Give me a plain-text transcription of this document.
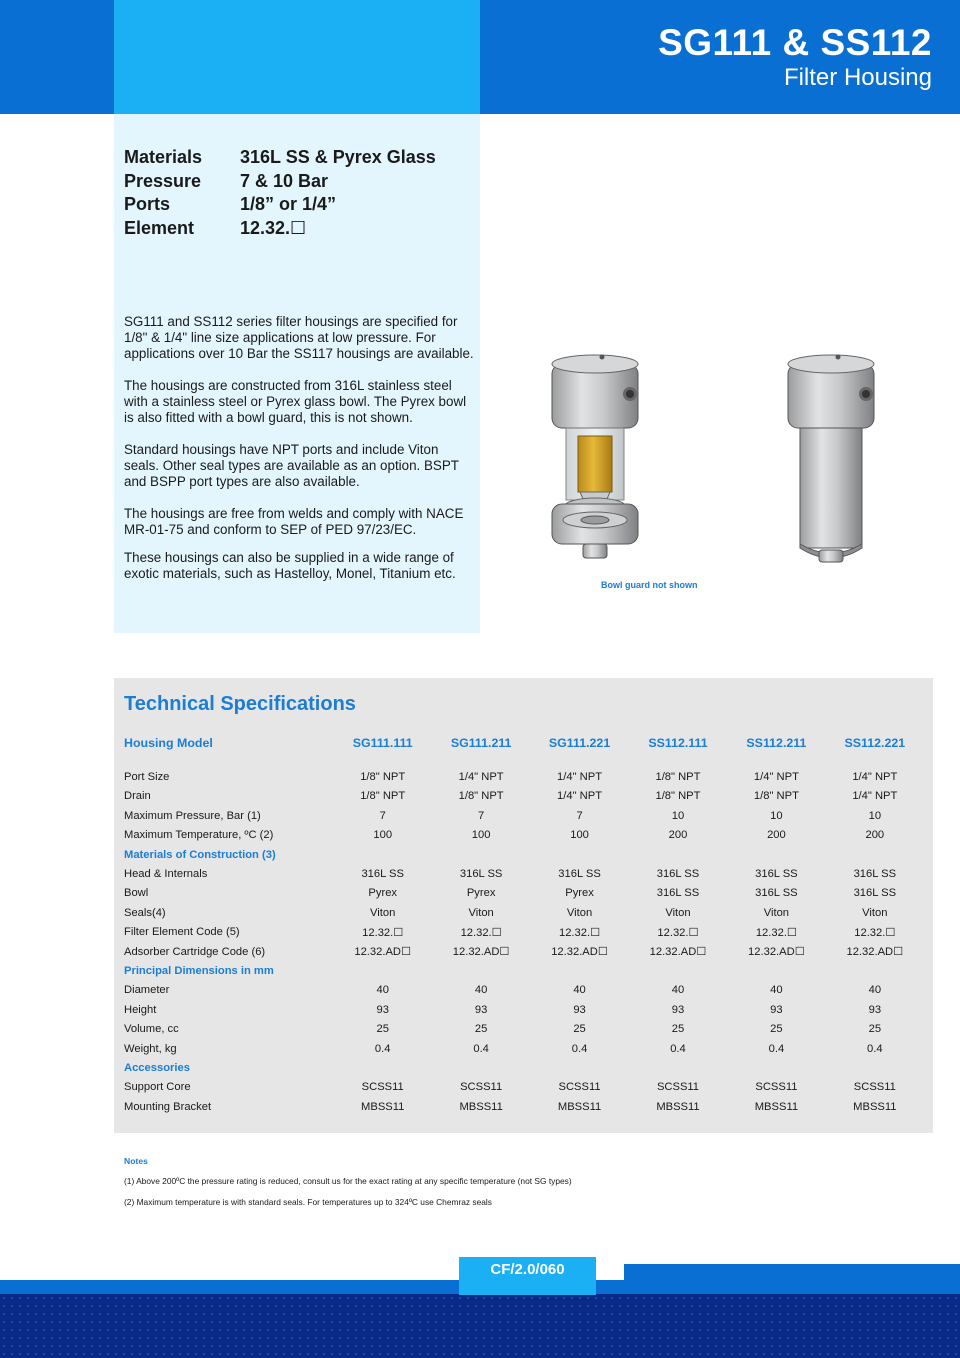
SG111 & SS112
Filter Housing
Materials	316L SS & Pyrex Glass
Pressure	7 & 10 Bar
Ports	1/8” or 1/4”
Element	12.32.☐

SG111 and SS112 series filter housings are specified for 1/8" & 1/4" line size applications at low pressure. For applications over 10 Bar the SS117 housings are available.

The housings are constructed from 316L stainless steel with a stainless steel or Pyrex glass bowl. The Pyrex bowl is also fitted with a bowl guard, this is not shown.

Standard housings have NPT ports and include Viton seals. Other seal types are available as an option. BSPT and BSPP port types are also available.

The housings are free from welds and comply with NACE MR-01-75 and conform to SEP of PED 97/23/EC.

These housings can also be supplied in a wide range of exotic materials, such as Hastelloy, Monel, Titanium etc.

Bowl guard not shown
Technical Specifications
Housing Model	SG111.111	SG111.211	SG111.221	SS112.111	SS112.211	SS112.221
Port Size	1/8" NPT	1/4" NPT	1/4" NPT	1/8" NPT	1/4" NPT	1/4" NPT
Drain	1/8" NPT	1/8" NPT	1/4" NPT	1/8" NPT	1/8" NPT	1/4" NPT
Maximum Pressure, Bar (1)	7	7	7	10	10	10
Maximum Temperature, ºC (2)	100	100	100	200	200	200
Materials of Construction (3)
Head & Internals	316L SS	316L SS	316L SS	316L SS	316L SS	316L SS
Bowl	Pyrex	Pyrex	Pyrex	316L SS	316L SS	316L SS
Seals(4)	Viton	Viton	Viton	Viton	Viton	Viton
Filter Element Code (5)	12.32.☐	12.32.☐	12.32.☐	12.32.☐	12.32.☐	12.32.☐
Adsorber Cartridge Code (6)	12.32.AD☐	12.32.AD☐	12.32.AD☐	12.32.AD☐	12.32.AD☐	12.32.AD☐
Principal Dimensions in mm
Diameter	40	40	40	40	40	40
Height	93	93	93	93	93	93
Volume, cc	25	25	25	25	25	25
Weight, kg	0.4	0.4	0.4	0.4	0.4	0.4
Accessories
Support Core	SCSS11	SCSS11	SCSS11	SCSS11	SCSS11	SCSS11
Mounting Bracket	MBSS11	MBSS11	MBSS11	MBSS11	MBSS11	MBSS11
Notes
(1) Above 200ºC the pressure rating is reduced, consult us for the exact rating at any specific temperature (not SG types)
(2) Maximum temperature is with standard seals. For temperatures up to 324ºC use Chemraz seals
CF/2.0/060
